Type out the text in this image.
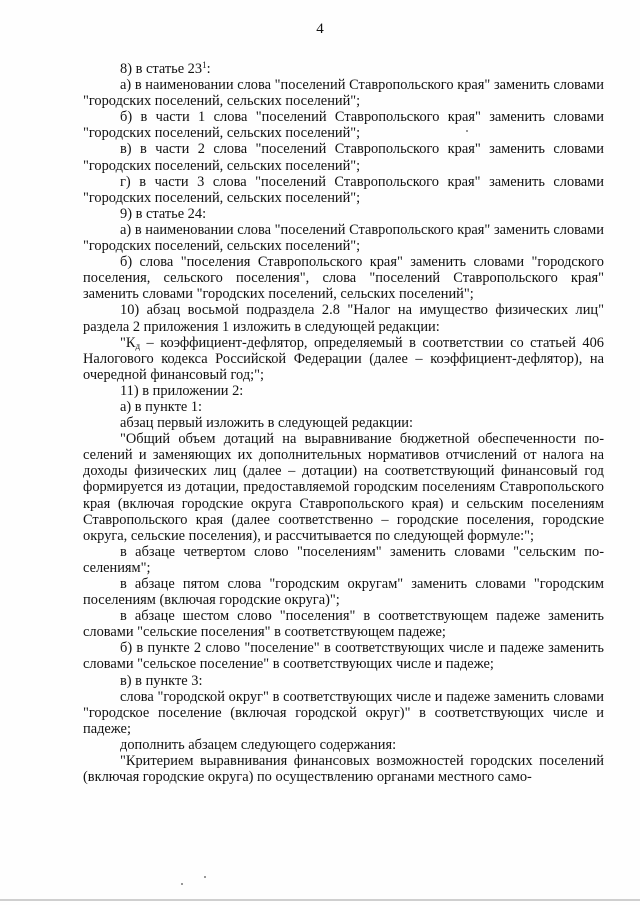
4

8) в статье $23^1$:

а) в наименовании слова "поселений Ставропольского края" заменить словами "городских поселений, сельских поселений";

б) в части 1 слова "поселений Ставропольского края" заменить словами "городских поселений, сельских поселений";

в) в части 2 слова "поселений Ставропольского края" заменить словами "городских поселений, сельских поселений";

г) в части 3 слова "поселений Ставропольского края" заменить словами "городских поселений, сельских поселений";

9) в статье 24:

а) в наименовании слова "поселений Ставропольского края" заменить словами "городских поселений, сельских поселений";

б) слова "поселения Ставропольского края" заменить словами "городского поселения, сельского поселения", слова "поселений Ставропольского края" заменить словами "городских поселений, сельских поселений";

10) абзац восьмой подраздела 2.8 "Налог на имущество физических лиц" раздела 2 приложения 1 изложить в следующей редакции:

"$К_д$ – коэффициент-дефлятор, определяемый в соответствии со статьей 406 Налогового кодекса Российской Федерации (далее – коэффициент-дефлятор), на очередной финансовый год;";

11) в приложении 2:

а) в пункте 1:

абзац первый изложить в следующей редакции:

"Общий объем дотаций на выравнивание бюджетной обеспеченности поселений и заменяющих их дополнительных нормативов отчислений от налога на доходы физических лиц (далее – дотации) на соответствующий финансовый год формируется из дотации, предоставляемой городским поселениям Ставропольского края (включая городские округа Ставропольского края) и сельским поселениям Ставропольского края (далее соответственно – городские поселения, городские округа, сельские поселения), и рассчитывается по следующей формуле:";

в абзаце четвертом слово "поселениям" заменить словами "сельским поселениям";

в абзаце пятом слова "городским округам" заменить словами "городским поселениям (включая городские округа)";

в абзаце шестом слово "поселения" в соответствующем падеже заменить словами "сельские поселения" в соответствующем падеже;

б) в пункте 2 слово "поселение" в соответствующих числе и падеже заменить словами "сельское поселение" в соответствующих числе и падеже;

в) в пункте 3:

слова "городской округ" в соответствующих числе и падеже заменить словами "городское поселение (включая городской округ)" в соответствующих числе и падеже;

дополнить абзацем следующего содержания:

"Критерием выравнивания финансовых возможностей городских поселений (включая городские округа) по осуществлению органами местного само-
